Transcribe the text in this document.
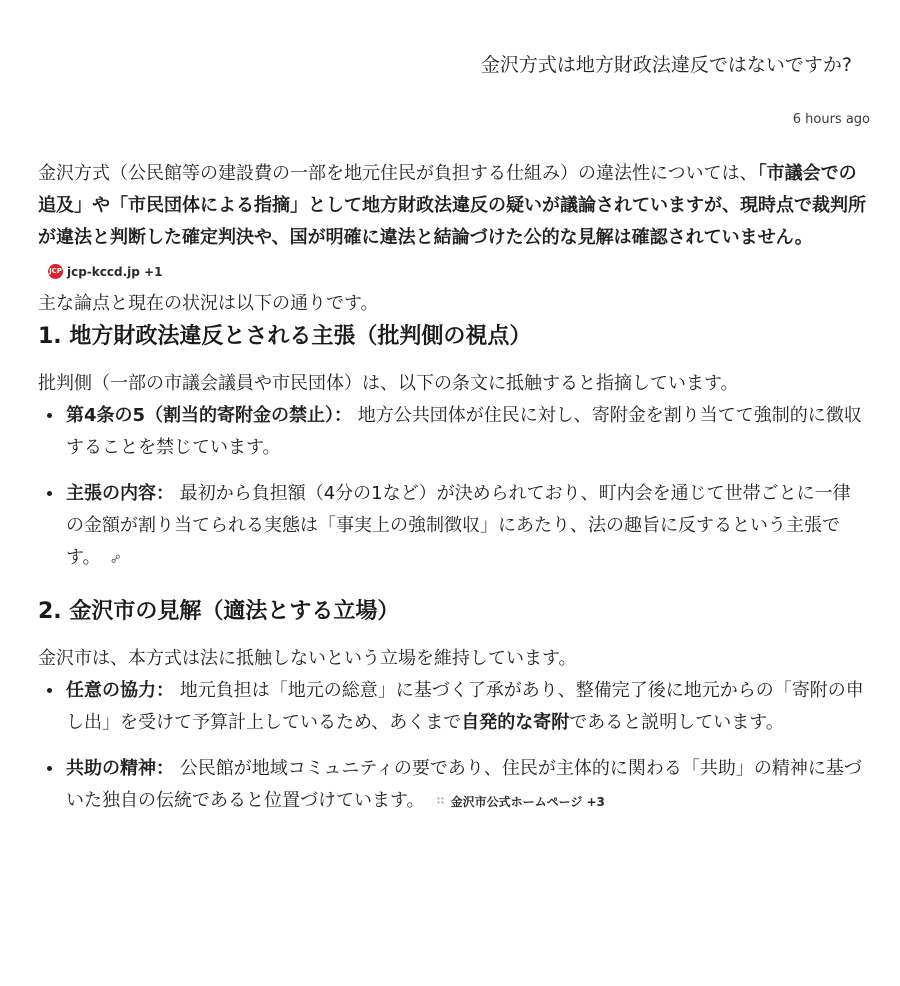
金沢方式は地方財政法違反ではないですか?
6 hours ago

金沢方式（公民館等の建設費の一部を地元住民が負担する仕組み）の違法性については、「市議会での追及」や「市民団体による指摘」として地方財政法違反の疑いが議論されていますが、現時点で裁判所が違法と判断した確定判決や、国が明確に違法と結論づけた公的な見解は確認されていません。
JCP jcp-kccd.jp +1

主な論点と現在の状況は以下の通りです。

1. 地方財政法違反とされる主張（批判側の視点）

批判側（一部の市議会議員や市民団体）は、以下の条文に抵触すると指摘しています。

• 第4条の5（割当的寄附金の禁止）： 地方公共団体が住民に対し、寄附金を割り当てて強制的に徴収することを禁じています。
• 主張の内容： 最初から負担額（4分の1など）が決められており、町内会を通じて世帯ごとに一律の金額が割り当てられる実態は「事実上の強制徴収」にあたり、法の趣旨に反するという主張です。 ⚯
2. 金沢市の見解（適法とする立場）

金沢市は、本方式は法に抵触しないという立場を維持しています。

• 任意の協力： 地元負担は「地元の総意」に基づく了承があり、整備完了後に地元からの「寄附の申し出」を受けて予算計上しているため、あくまで自発的な寄附であると説明しています。
• 共助の精神： 公民館が地域コミュニティの要であり、住民が主体的に関わる「共助」の精神に基づいた独自の伝統であると位置づけています。 ∷ 金沢市公式ホームページ +3
